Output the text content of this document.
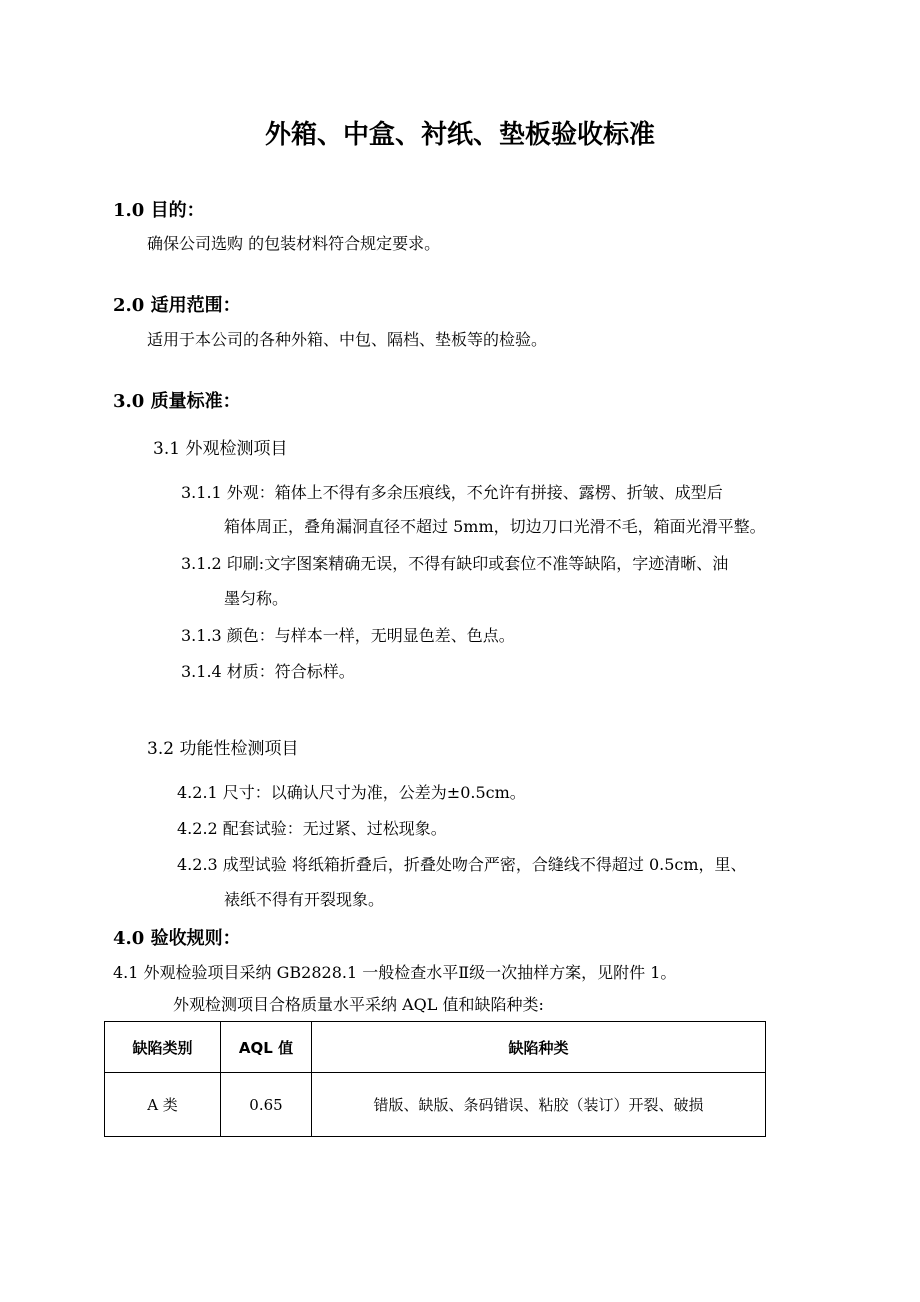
外箱、中盒、衬纸、垫板验收标准
1.0 目的：
确保公司选购 的包装材料符合规定要求。
2.0 适用范围：
适用于本公司的各种外箱、中包、隔档、垫板等的检验。
3.0 质量标准：
3.1 外观检测项目
3.1.1 外观：箱体上不得有多余压痕线，不允许有拼接、露楞、折皱、成型后
箱体周正，叠角漏洞直径不超过 5mm，切边刀口光滑不毛，箱面光滑平整。
3.1.2 印刷:文字图案精确无误，不得有缺印或套位不准等缺陷，字迹清晰、油
墨匀称。
3.1.3 颜色：与样本一样，无明显色差、色点。
3.1.4 材质：符合标样。
3.2 功能性检测项目
4.2.1 尺寸：以确认尺寸为准，公差为±0.5cm。
4.2.2 配套试验：无过紧、过松现象。
4.2.3 成型试验 将纸箱折叠后，折叠处吻合严密，合缝线不得超过 0.5cm，里、
裱纸不得有开裂现象。
4.0 验收规则：
4.1 外观检验项目采纳 GB2828.1 一般检查水平Ⅱ级一次抽样方案，见附件 1。
外观检测项目合格质量水平采纳 AQL 值和缺陷种类:
缺陷类别	AQL 值	缺陷种类
A 类	0.65	错版、缺版、条码错误、粘胶（装订）开裂、破损
